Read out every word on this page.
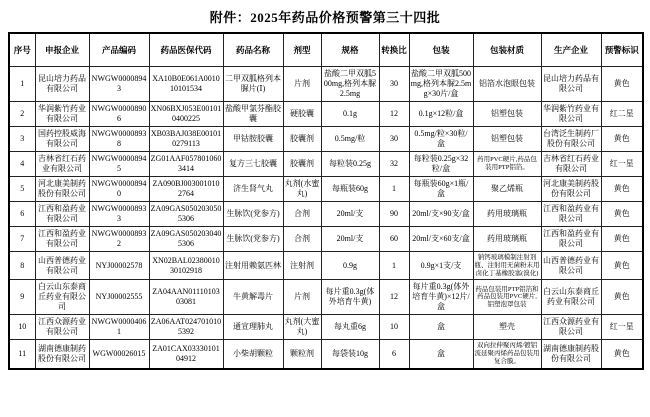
附件：2025年药品价格预警第三十四批
序号	申报企业	产品编码	药品医保代码	药品名称	剂型	规格	转换比	包装	包装材质	生产企业	预警标识
1	昆山培力药品有限公司	NWGW00008943	XA10B0E061A001010101534	二甲双胍格列本脲片(Ⅰ)	片剂	盐酸二甲双胍500mg,格列本脲2.5mg	30	盐酸二甲双胍500mg,格列本脲2.5mg×30片/盒	铝箔水泡眼包装	昆山培力药品有限公司	黄色
2	华润紫竹药业有限公司	NWGW00008906	XN06BXJ053E001010400225	盐酸甲氯芬酯胶囊	硬胶囊	0.1g	12	0.1g×12粒/盒	铝塑包装	华润紫竹药业有限公司	红二星
3	国药控股威海有限公司	NWGW00008938	XB03BAJ038E001010279113	甲钴胺胶囊	胶囊剂	0.5mg/粒	30	0.5mg/粒×30粒/盒	铝塑包装	台湾泛生制药厂股份有限公司	黄色
4	吉林省红石药业有限公司	NWGW00008945	ZG01AAF0578010603414	复方三七胶囊	胶囊剂	每粒装0.25g	32	每粒装0.25g×32粒/盒	药用PVC硬片,药品包装用PTP铝箔。	吉林省红石药业有限公司	红一星
5	河北康美制药股份有限公司	NWGW00008940	ZA090BJ0030010102764	济生肾气丸	丸剂(水蜜丸)	每瓶装60g	1	每瓶装60g×1瓶/盒	聚乙烯瓶	河北康美制药股份有限公司	黄色
6	江西和盈药业有限公司	NWGW00008933	ZA09GAS0502030505306	生脉饮(党参方)	合剂	20ml/支	90	20ml/支×90支/盒	药用玻璃瓶	江西和盈药业有限公司	黄色
7	江西和盈药业有限公司	NWGW00008932	ZA09GAS0502030405306	生脉饮(党参方)	合剂	20ml/支	60	20ml/支×60支/盒	药用玻璃瓶	江西和盈药业有限公司	黄色
8	山西普德药业有限公司	NYJ00002578	XN02BAL0238001030102918	注射用赖氨匹林	注射剂	0.9g	1	0.9g×1支/支	钠钙玻璃模制注射剂瓶、注射用无菌粉末用卤化丁基橡胶塞(溴化)	山西普德药业有限公司	黄色
9	白云山东泰商丘药业有限公司	NYJ00002555	ZA04AAN0111010303081	牛黄解毒片	片剂	每片重0.3g(体外培育牛黄)	12	每片重0.3g(体外培育牛黄)×12片/盒	药品包装用PTP铝箔和药品包装用PVC硬片,铝塑泡罩包装	白云山东泰商丘药业有限公司	黄色
10	江西众源药业有限公司	NWGW00004061	ZA06AAT0247010105392	通宣理肺丸	丸剂(大蜜丸)	每丸重6g	10	盒	塑壳	江西众源药业有限公司	红一星
11	湖南德康制药股份有限公司	WGW00026015	ZA01CAX0333010104912	小柴胡颗粒	颗粒剂	每袋装10g	6	盒	双向拉伸聚丙烯/镀铝流延聚丙烯药品包装用复合膜。	湖南德康制药股份有限公司	黄色
